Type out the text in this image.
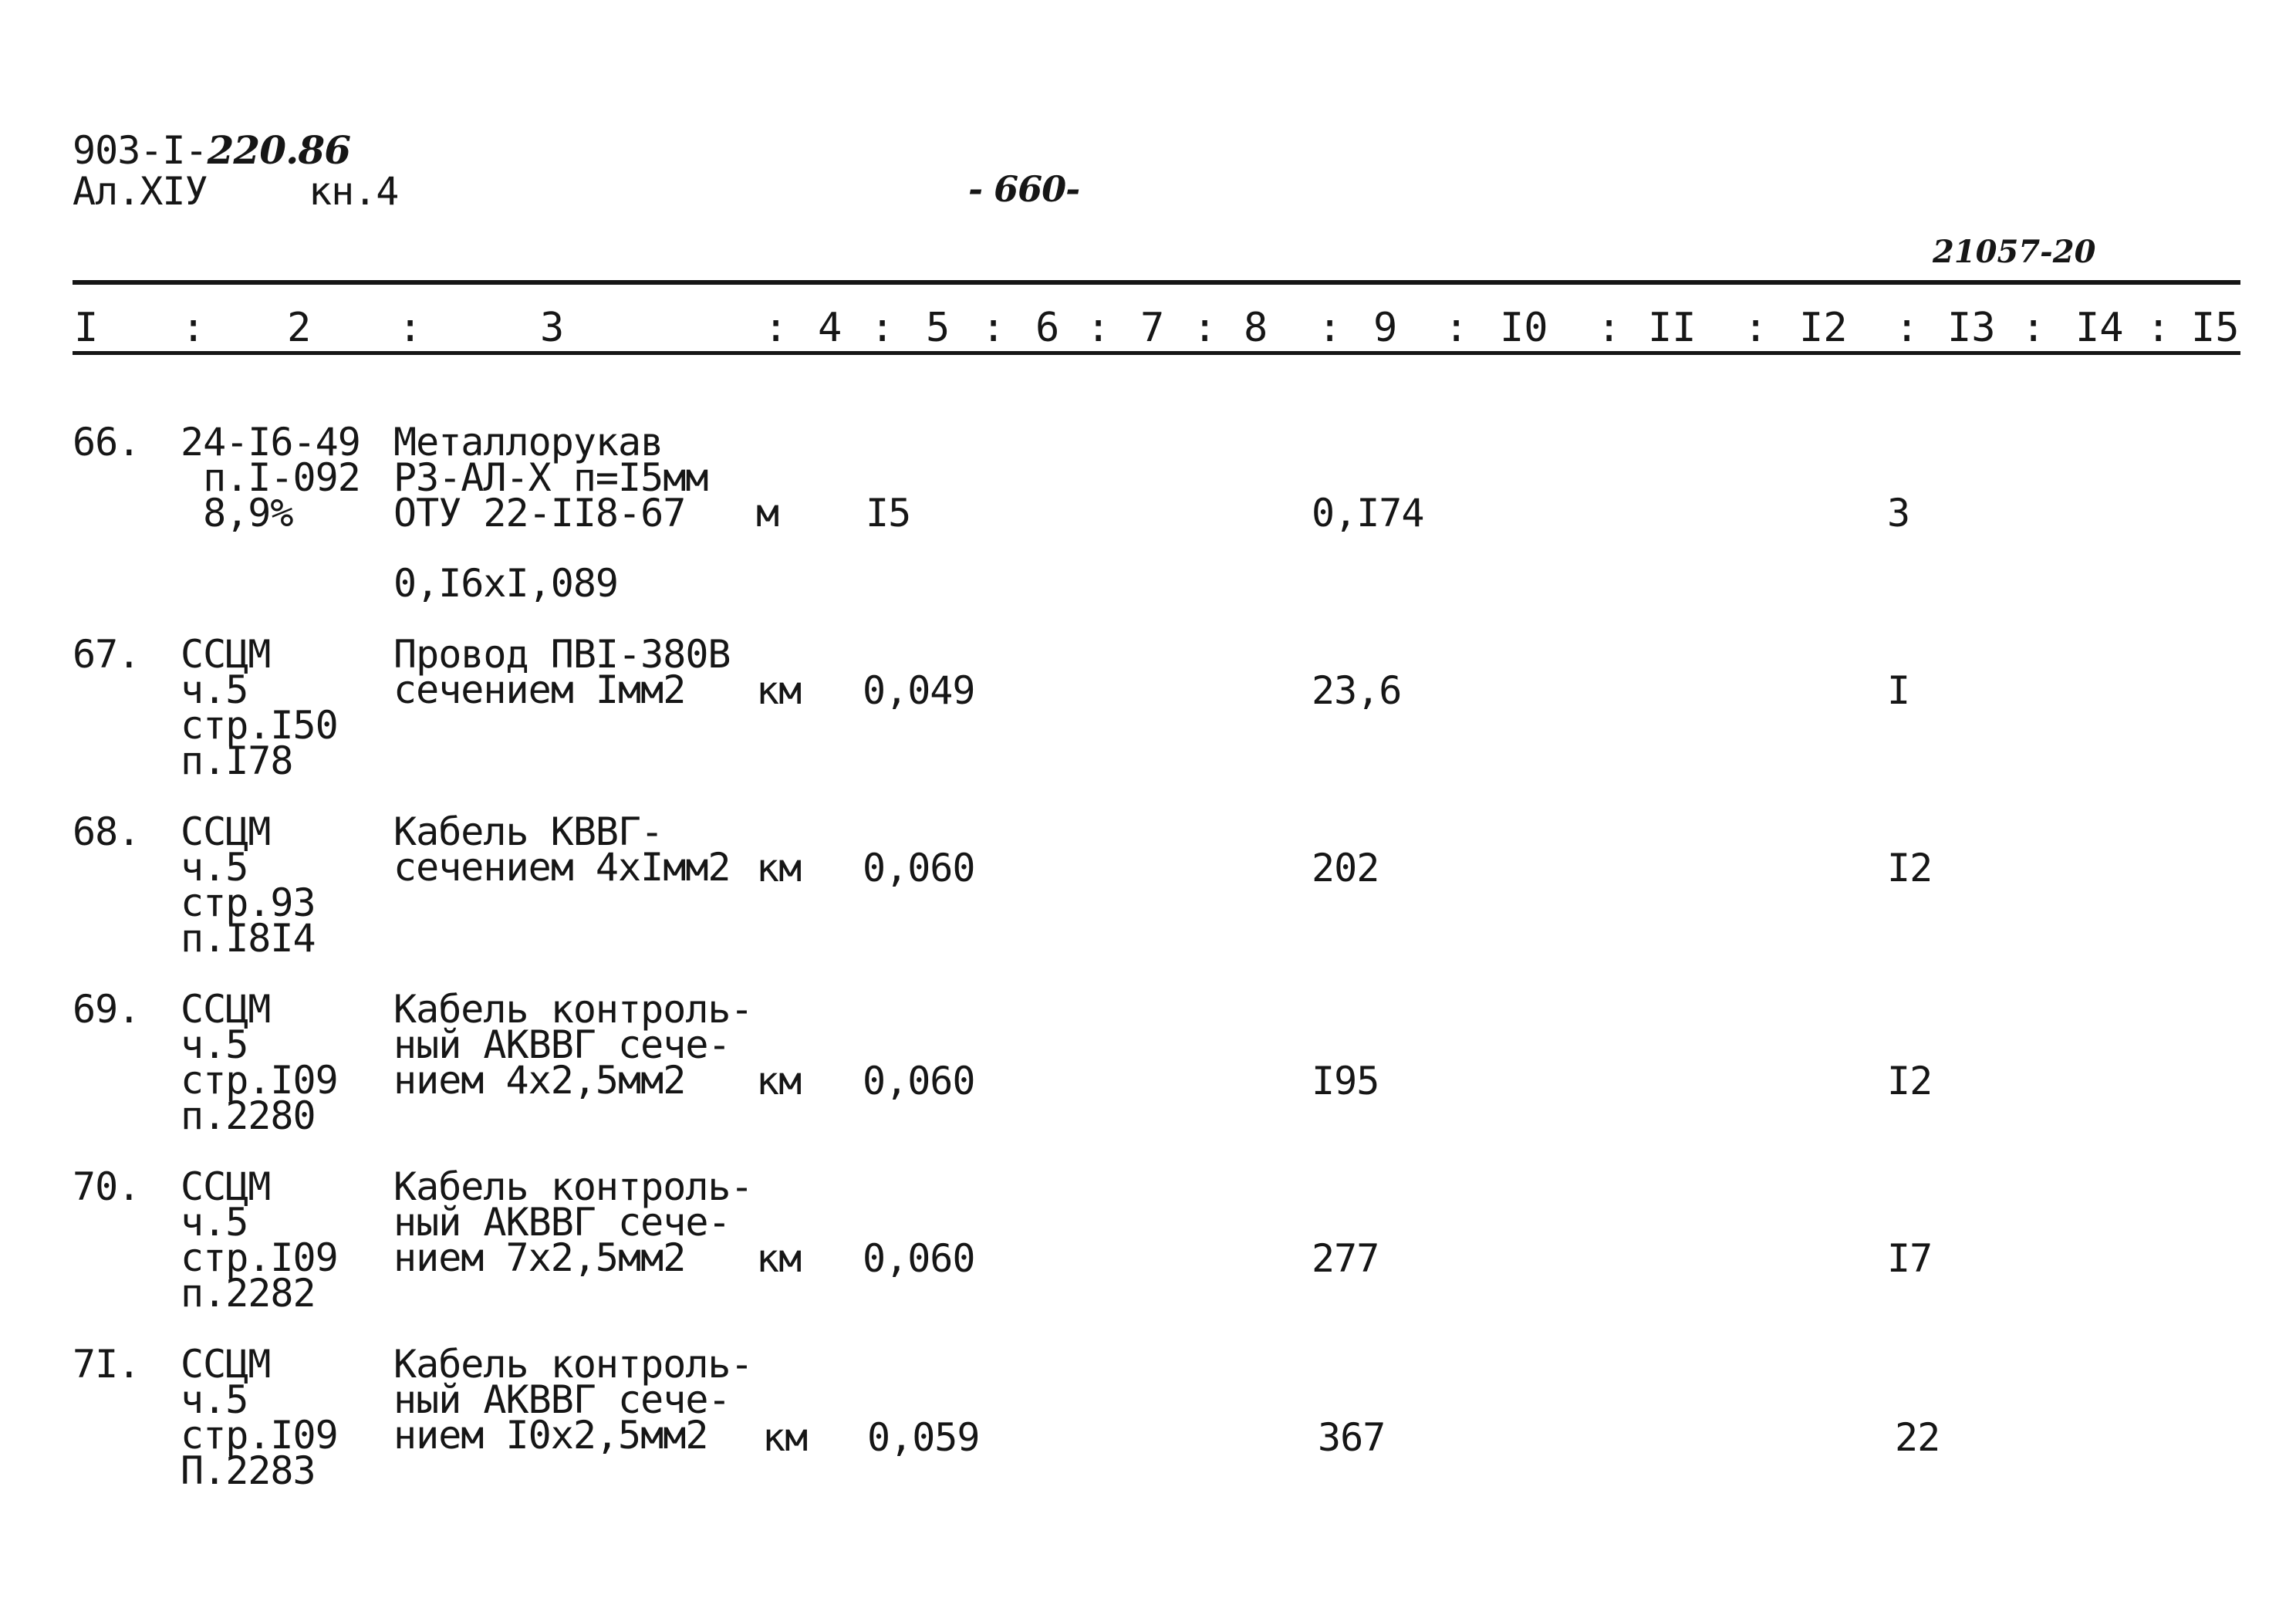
903-I-220.86
Ал.XIУ	кн.4	- 660-
21057-20
I : 2 :	3	: 4 : 5 : 6 : 7 : 8 : 9 : I0 : II : I2 : I3 : I4 : I5
66. 24-I6-49
п.I-092
8,9%
Металлорукав
РЗ-АЛ-Х п=I5мм
ОТУ 22-II8-67
0,I6хI,089
м I5	0,I74	3
67. ССЦМ
ч.5
стр.I50
п.I78
Провод ПВI-380В
сечением Iмм2	км 0,049	23,6	I
68. ССЦМ
ч.5
стр.93
п.I8I4
Кабель КВВГ-
сечением 4хIмм2 км 0,060	202	I2
69. ССЦМ
ч.5
стр.I09
п.2280
Кабель контроль-
ный АКВВГ сече-
нием 4х2,5мм2	км 0,060	I95	I2
70. ССЦМ
ч.5
стр.I09
п.2282
Кабель контроль-
ный АКВВГ сече-
нием 7х2,5мм2	км 0,060	277	I7
7I. ССЦМ
ч.5
стр.I09
П.2283
Кабель контроль-
ный АКВВГ сече-
нием I0х2,5мм2	км 0,059	367	22
